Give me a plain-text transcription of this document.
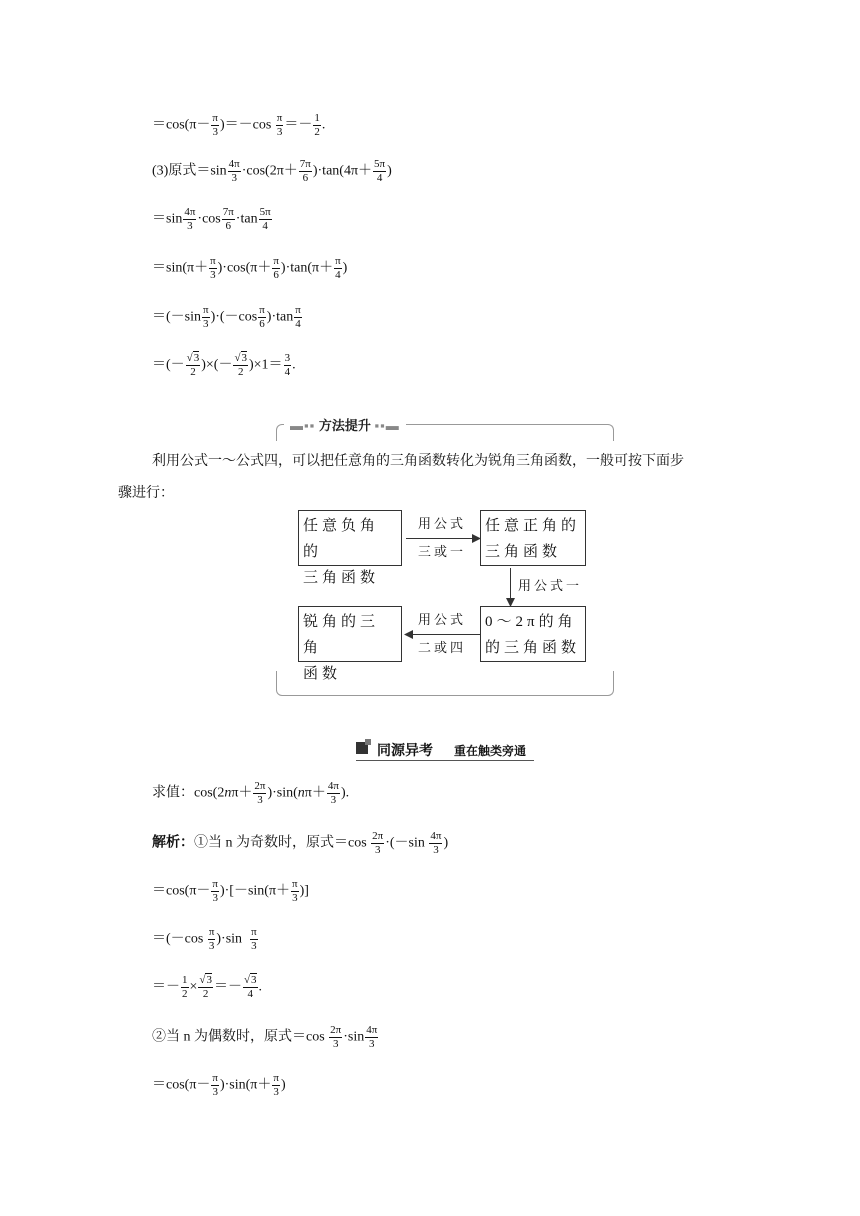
$=\cos(\pi- \frac{\pi}{3} )=-\cos \frac{\pi}{3} =- \frac{1}{2}$ .
(3)原式$=\sin \frac{4\pi}{3} \cdot\cos(2\pi+ \frac{7\pi}{6} )\cdot\tan(4\pi+ \frac{5\pi}{4}$ )
$=\sin \frac{4\pi}{3} \cdot\cos \frac{7\pi}{6} \cdot\tan \frac{5\pi}{4}$
$=\sin(\pi+ \frac{\pi}{3} )\cdot\cos(\pi+ \frac{\pi}{6} )\cdot\tan(\pi+ \frac{\pi}{4}$ )
$=(-\sin \frac{\pi}{3} )\cdot(-\cos \frac{\pi}{6} )\cdot\tan \frac{\pi}{4}$
＝(－ $\frac{√3}{2}$ )×(－ $\frac{√3}{2} )\times 1= \frac{3}{4}$ .
▬▪▪ 方法提升 ▪▪▬
利用公式一～公式四，可以把任意角的三角函数转化为锐角三角函数，一般可按下面步
骤进行：
任意负角的
三角函数
用公式
三或一
任意正角的
三角函数
用公式一
锐角的三角
函数
用公式
二或四
0～2π的角
的三角函数
同源异考 重在触类旁通
求值：$\cos(2n\pi+ \frac{2\pi}{3} )\cdot\sin(n\pi+ \frac{4\pi}{3}$ ).
解析：①当 n 为奇数时，原式$=\cos \frac{2\pi}{3} \cdot(-\sin \frac{4\pi}{3}$ )
$=\cos(\pi- \frac{\pi}{3} )\cdot[-\sin(\pi+ \frac{\pi}{3}$ )]
$=(-\cos \frac{\pi}{3} )\cdot\sin \frac{\pi}{3}$
＝－ $\frac{1}{2} \times \frac{√3}{2} =- \frac{√3}{4}$ .
②当 n 为偶数时，原式$=\cos \frac{2\pi}{3} \cdot\sin \frac{4\pi}{3}$
$=\cos(\pi- \frac{\pi}{3} )\cdot\sin(\pi+ \frac{\pi}{3}$ )
